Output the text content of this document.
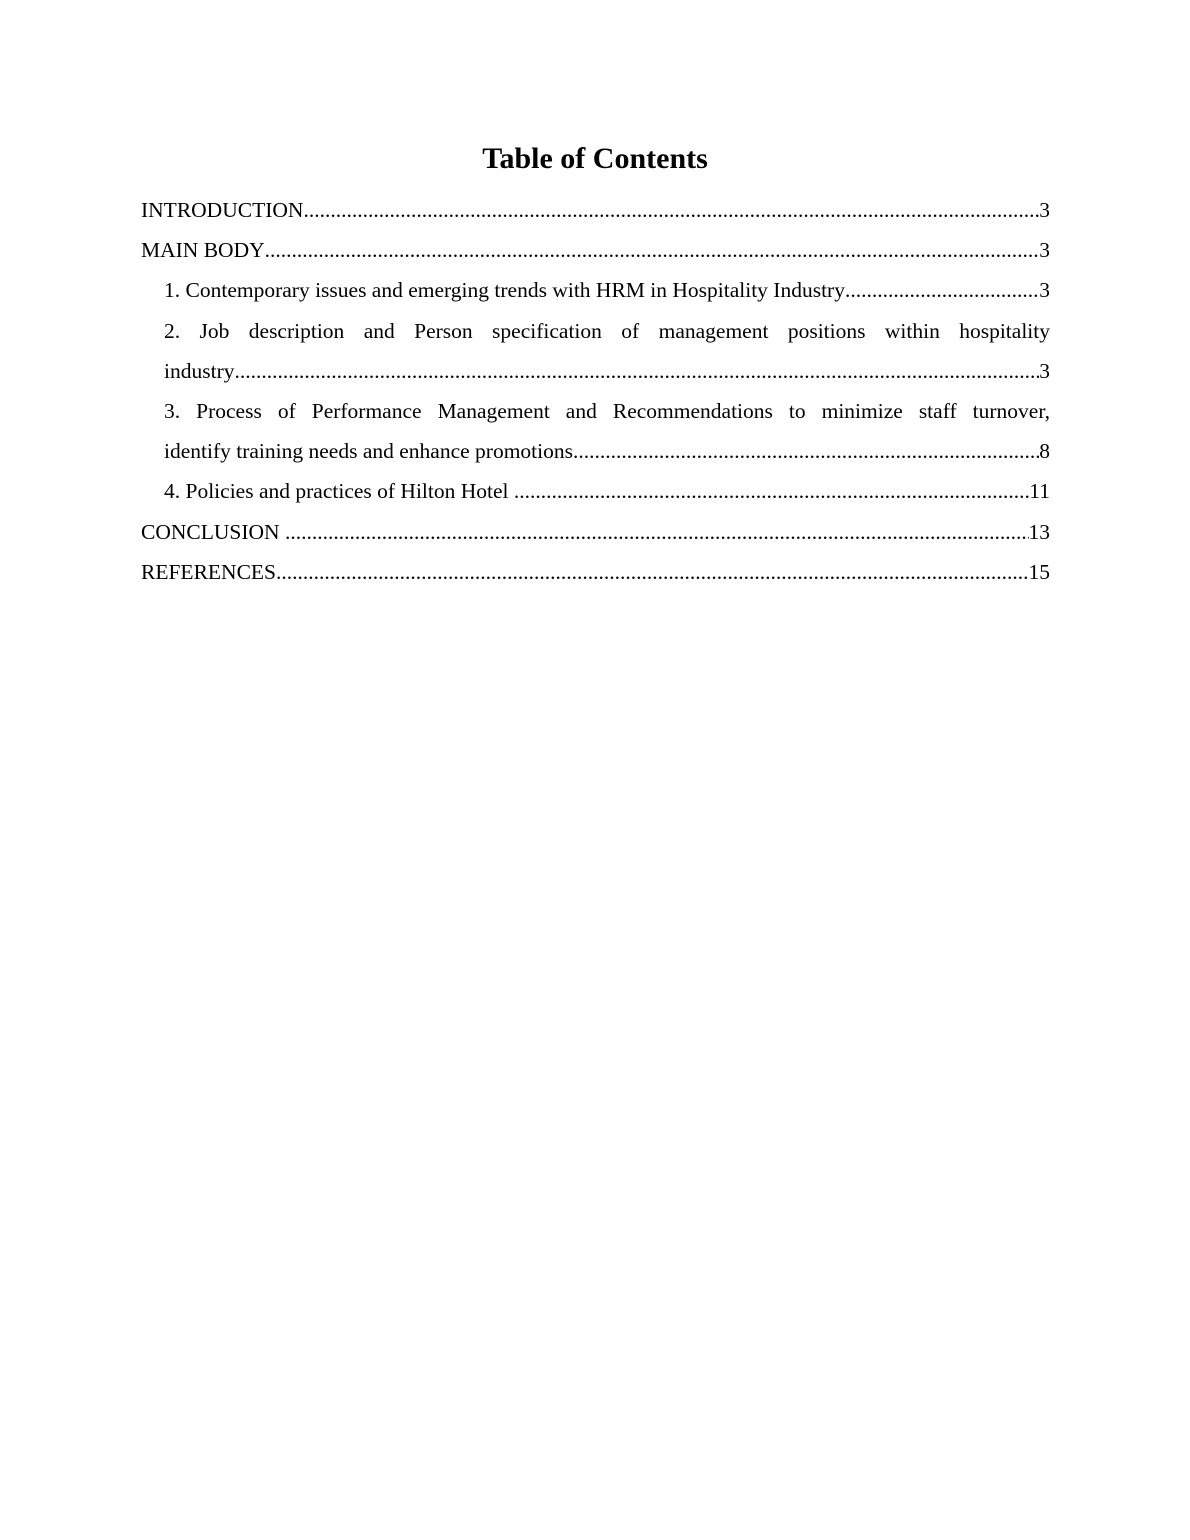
Table of Contents
INTRODUCTION .....	3
MAIN BODY .....	3
1. Contemporary issues and emerging trends with HRM in Hospitality Industry .....	3
2. Job description and Person specification of management positions within hospitality
industry .....	3
3. Process of Performance Management and Recommendations to minimize staff turnover,
identify training needs and enhance promotions .....	8
4. Policies and practices of Hilton Hotel .....	11
CONCLUSION .....	13
REFERENCES .....	15
